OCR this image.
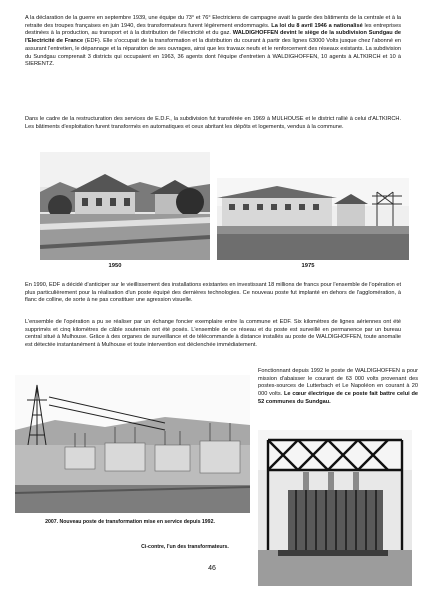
A la déclaration de la guerre en septembre 1939, une équipe du 73° et 76° Electriciens de campagne avait la garde des bâtiments de la centrale et à la retraite des troupes françaises en juin 1940, des transformateurs furent légèrement endommagés. La loi du 8 avril 1946 a nationalisé les entreprises destinées à la production, au transport et à la distribution de l'électricité et du gaz. WALDIGHOFFEN devint le siège de la subdivision Sundgau de l'Electricité de France (EDF). Elle s'occupait de la transformation et la distribution du courant à partir des lignes 63000 Volts jusque chez l'abonné en assurant l'entretien, le dépannage et la réparation de ses ouvrages, ainsi que les travaux neufs et le renforcement des réseaux existants. La subdivision du Sundgau comprenait 3 districts qui occupaient en 1963, 36 agents dont l'équipe d'entretien à WALDIGHOFFEN, 10 agents à ALTKIRCH et 10 à SIERENTZ.

Dans le cadre de la restructuration des services de E.D.F., la subdivision fut transférée en 1969 à MULHOUSE et le district rallié à celui d'ALTKIRCH. Les bâtiments d'exploitation furent transformés en automatiques et ceux abritant les dépôts et logements, vendus à la commune.

1950	1975

En 1990, EDF a décidé d'anticiper sur le vieillissement des installations existantes en investissant 18 millions de francs pour l'ensemble de l'opération et plus particulièrement pour la réalisation d'un poste équipé des dernières technologies. Ce nouveau poste fut implanté en dehors de l'agglomération, à flanc de colline, de sorte à ne pas constituer une agression visuelle.

L'ensemble de l'opération a pu se réaliser par un échange foncier exemplaire entre la commune et EDF. Six kilomètres de lignes aériennes ont été supprimés et cinq kilomètres de câble souterrain ont été posés. L'ensemble de ce réseau et du poste est surveillé en permanence par un bureau central situé à Mulhouse. Grâce à des organes de surveillance et de télécommande à distance installés au poste de WALDIGHOFFEN, toute anomalie est détectée instantanément à Mulhouse et toute intervention est déclenchée immédiatement.

2007. Nouveau poste de transformation mise en service depuis 1992.

Fonctionnant depuis 1992 le poste de WALDIGHOFFEN a pour mission d'abaisser le courant de 63 000 volts provenant des postes-sources de Lutterbach et Le Napoléon en courant à 20 000 volts. Le cœur électrique de ce poste fait battre celui de 52 communes du Sundgau.

Ci-contre, l'un des transformateurs.
46
